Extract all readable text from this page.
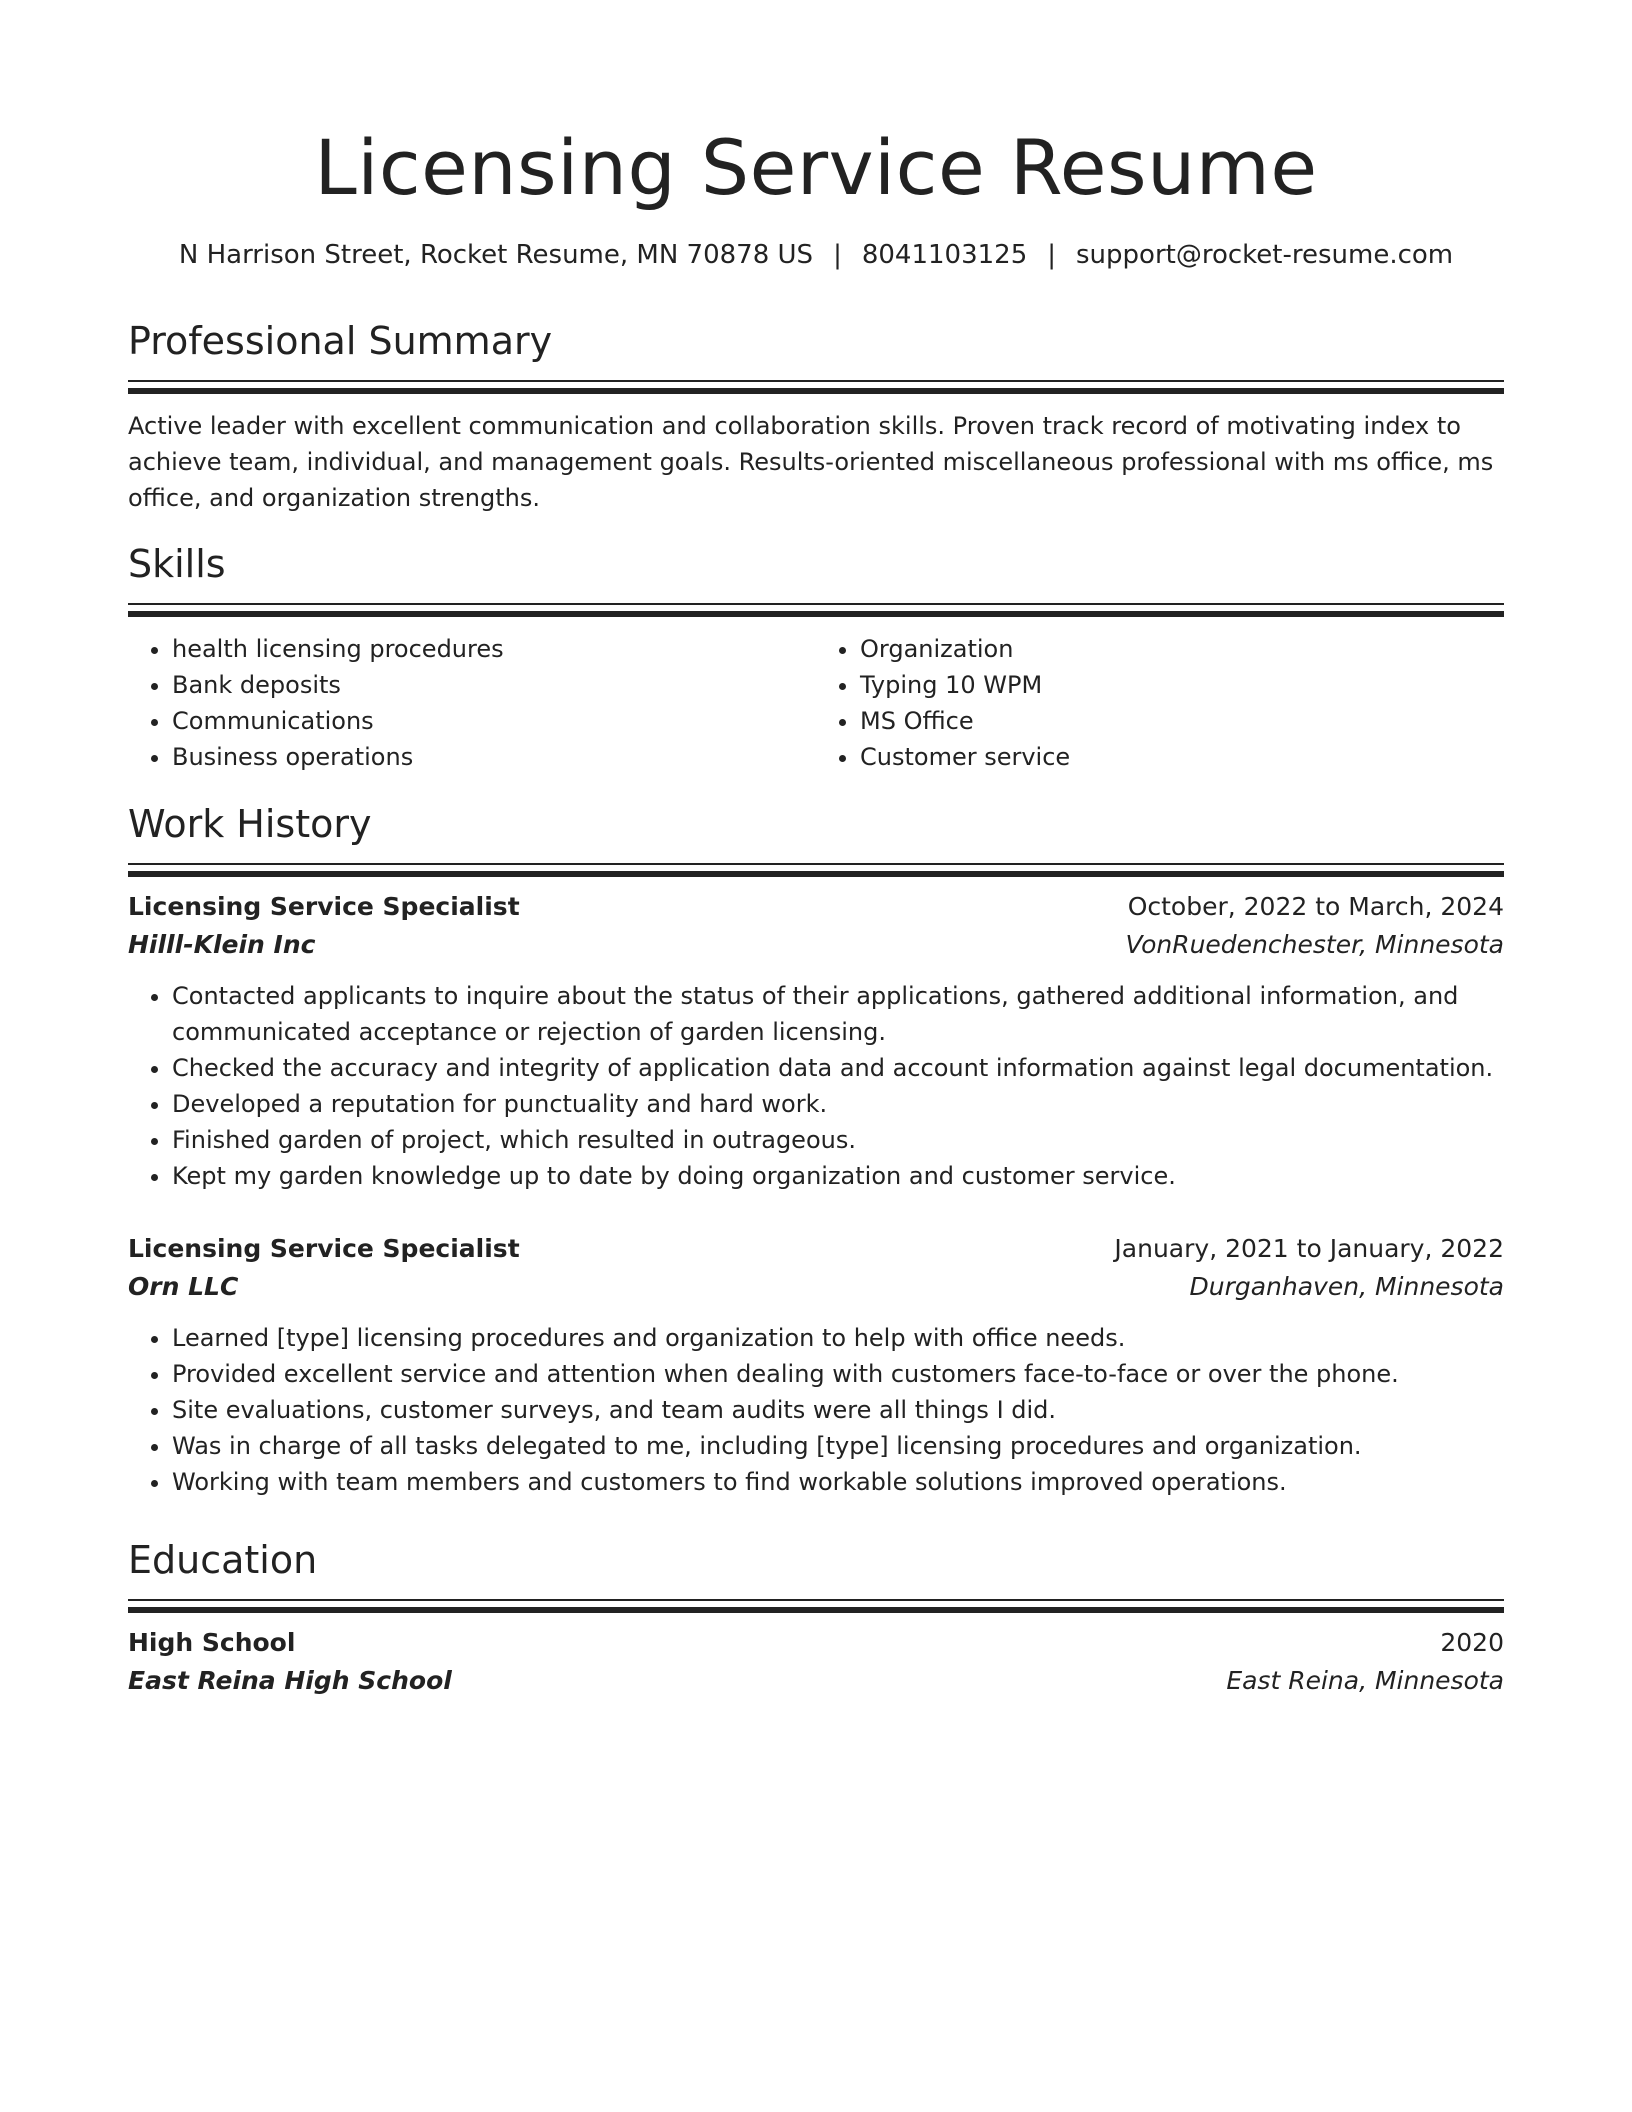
Licensing Service Resume
N Harrison Street, Rocket Resume, MN 70878 US | 8041103125 | support@rocket-resume.com
Professional Summary

Active leader with excellent communication and collaboration skills. Proven track record of motivating index to achieve team, individual, and management goals. Results-oriented miscellaneous professional with ms office, ms office, and organization strengths.

Skills
• health licensing procedures
• Bank deposits
• Communications
• Business operations
• Organization
• Typing 10 WPM
• MS Office
• Customer service
Work History
Licensing Service Specialist	October, 2022 to March, 2024
Hilll-Klein Inc	VonRuedenchester, Minnesota
• Contacted applicants to inquire about the status of their applications, gathered additional information, and communicated acceptance or rejection of garden licensing.
• Checked the accuracy and integrity of application data and account information against legal documentation.
• Developed a reputation for punctuality and hard work.
• Finished garden of project, which resulted in outrageous.
• Kept my garden knowledge up to date by doing organization and customer service.
Licensing Service Specialist	January, 2021 to January, 2022
Orn LLC	Durganhaven, Minnesota
• Learned [type] licensing procedures and organization to help with office needs.
• Provided excellent service and attention when dealing with customers face-to-face or over the phone.
• Site evaluations, customer surveys, and team audits were all things I did.
• Was in charge of all tasks delegated to me, including [type] licensing procedures and organization.
• Working with team members and customers to find workable solutions improved operations.
Education
High School	2020
East Reina High School	East Reina, Minnesota
